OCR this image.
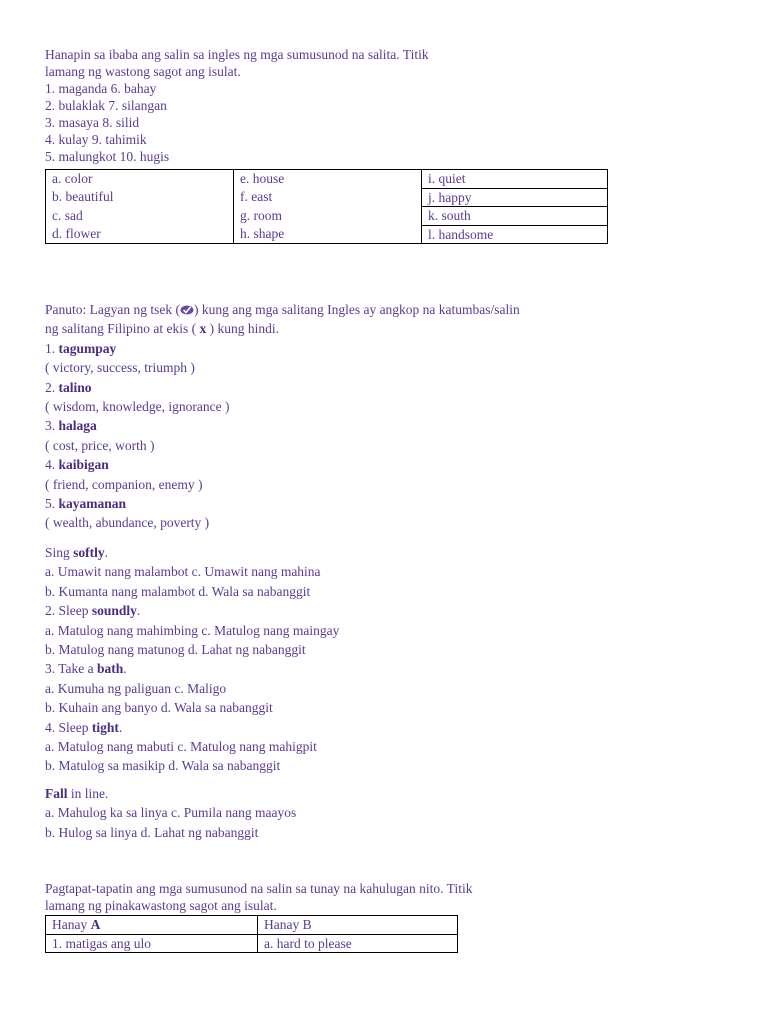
Hanapin sa ibaba ang salin sa ingles ng mga sumusunod na salita. Titik
lamang ng wastong sagot ang isulat.
1. maganda 6. bahay
2. bulaklak 7. silangan
3. masaya 8. silid
4. kulay 9. tahimik
5. malungkot 10. hugis
a. color	e. house	i. quiet
b. beautiful	f. east	j. happy
c. sad	g. room	k. south
d. flower	h. shape	l. handsome
Panuto: Lagyan ng tsek ( ) kung ang mga salitang Ingles ay angkop na katumbas/salin
ng salitang Filipino at ekis ( x ) kung hindi.
1. tagumpay
( victory, success, triumph )
2. talino
( wisdom, knowledge, ignorance )
3. halaga
( cost, price, worth )
4. kaibigan
( friend, companion, enemy )
5. kayamanan
( wealth, abundance, poverty )
Sing softly.
a. Umawit nang malambot c. Umawit nang mahina
b. Kumanta nang malambot d. Wala sa nabanggit
2. Sleep soundly.
a. Matulog nang mahimbing c. Matulog nang maingay
b. Matulog nang matunog d. Lahat ng nabanggit
3. Take a bath.
a. Kumuha ng paliguan c. Maligo
b. Kuhain ang banyo d. Wala sa nabanggit
4. Sleep tight.
a. Matulog nang mabuti c. Matulog nang mahigpit
b. Matulog sa masikip d. Wala sa nabanggit
Fall in line.
a. Mahulog ka sa linya c. Pumila nang maayos
b. Hulog sa linya d. Lahat ng nabanggit
Pagtapat-tapatin ang mga sumusunod na salin sa tunay na kahulugan nito. Titik
lamang ng pinakawastong sagot ang isulat.
Hanay A	Hanay B
1. matigas ang ulo	a. hard to please
